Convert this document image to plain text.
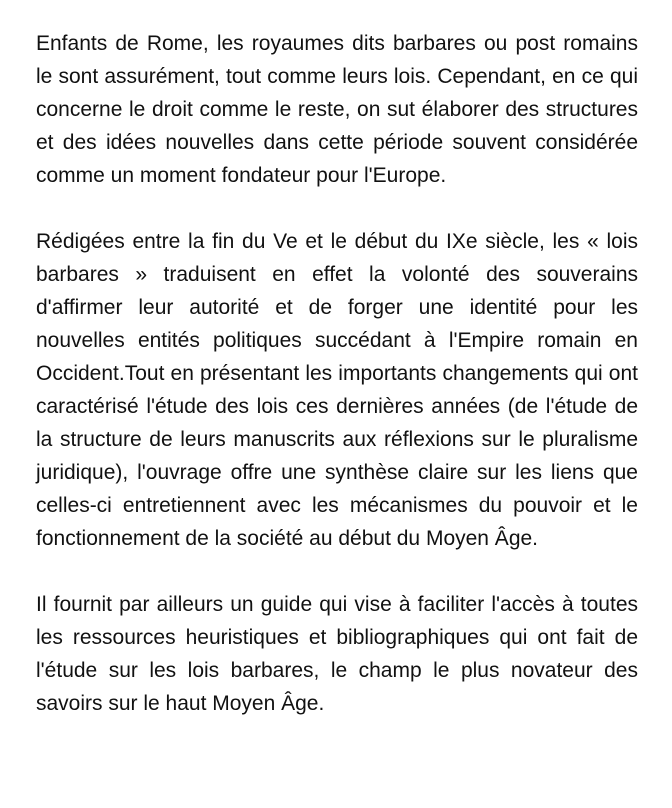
Enfants de Rome, les royaumes dits barbares ou post romains le sont assurément, tout comme leurs lois. Cependant, en ce qui concerne le droit comme le reste, on sut élaborer des structures et des idées nouvelles dans cette période souvent considérée comme un moment fondateur pour l'Europe.

Rédigées entre la fin du Ve et le début du IXe siècle, les « lois barbares » traduisent en effet la volonté des souverains d'affirmer leur autorité et de forger une identité pour les nouvelles entités politiques succédant à l'Empire romain en Occident.Tout en présentant les importants changements qui ont caractérisé l'étude des lois ces dernières années (de l'étude de la structure de leurs manuscrits aux réflexions sur le pluralisme juridique), l'ouvrage offre une synthèse claire sur les liens que celles-ci entretiennent avec les mécanismes du pouvoir et le fonctionnement de la société au début du Moyen Âge.

Il fournit par ailleurs un guide qui vise à faciliter l'accès à toutes les ressources heuristiques et bibliographiques qui ont fait de l'étude sur les lois barbares, le champ le plus novateur des savoirs sur le haut Moyen Âge.
